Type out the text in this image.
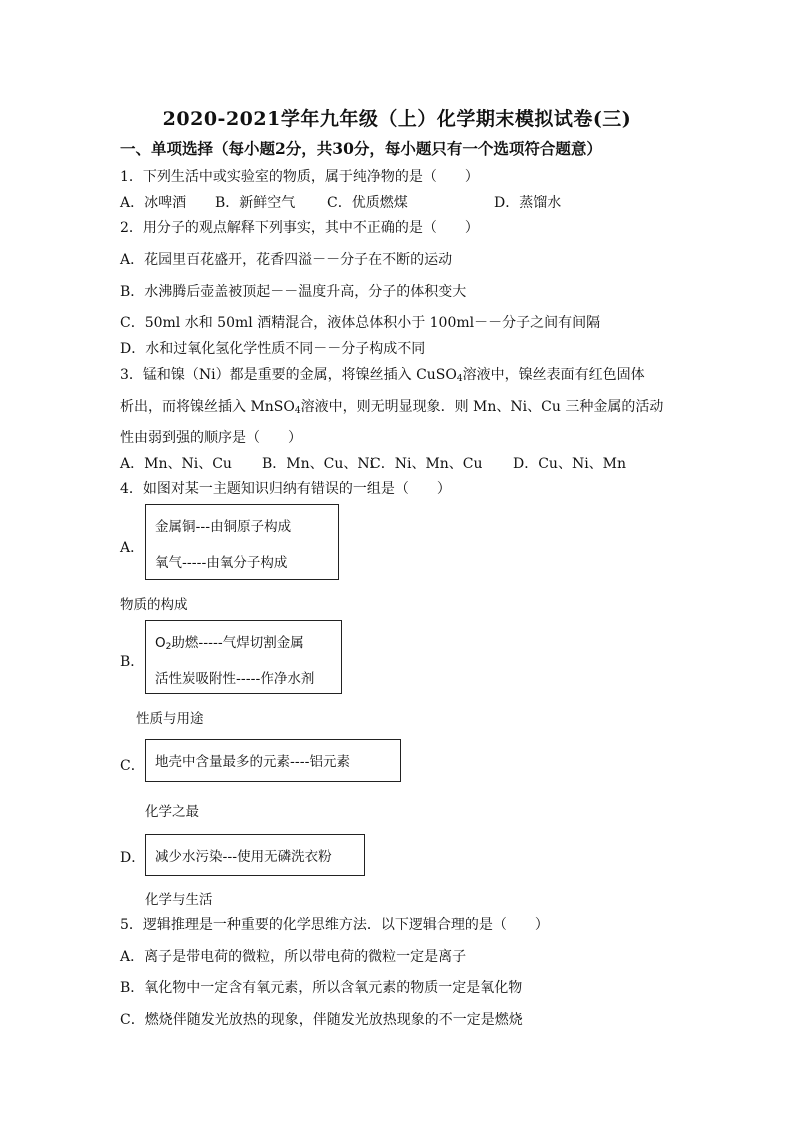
2020-2021学年九年级（上）化学期末模拟试卷(三)
一、单项选择（每小题2分，共30分，每小题只有一个选项符合题意）
1．下列生活中或实验室的物质，属于纯净物的是（　　）
A．冰啤酒 B．新鲜空气 C．优质燃煤	D．蒸馏水
2．用分子的观点解释下列事实，其中不正确的是（　　）
A．花园里百花盛开，花香四溢－－分子在不断的运动
B．水沸腾后壶盖被顶起－－温度升高，分子的体积变大
C．50ml 水和 50ml 酒精混合，液体总体积小于 100ml－－分子之间有间隔
D．水和过氧化氢化学性质不同－－分子构成不同
3．锰和镍（Ni）都是重要的金属，将镍丝插入 CuSO$_4$溶液中，镍丝表面有红色固体
析出，而将镍丝插入 MnSO$_4$溶液中，则无明显现象．则 Mn、Ni、Cu 三种金属的活动
性由弱到强的顺序是（　　）
A．Mn、Ni、Cu B．Mn、Cu、Ni
C．Ni、Mn、Cu D．Cu、Ni、Mn
4．如图对某一主题知识归纳有错误的一组是（　　）
A．
金属铜---由铜原子构成
氧气-----由氧分子构成
物质的构成
B．
$O_2$助燃-----气焊切割金属
活性炭吸附性-----作净水剂
性质与用途
C． 地壳中含量最多的元素----铝元素
化学之最
D． 减少水污染---使用无磷洗衣粉
化学与生活
5．逻辑推理是一种重要的化学思维方法．以下逻辑合理的是（　　）
A．离子是带电荷的微粒，所以带电荷的微粒一定是离子
B．氧化物中一定含有氧元素，所以含氧元素的物质一定是氧化物
C．燃烧伴随发光放热的现象，伴随发光放热现象的不一定是燃烧
